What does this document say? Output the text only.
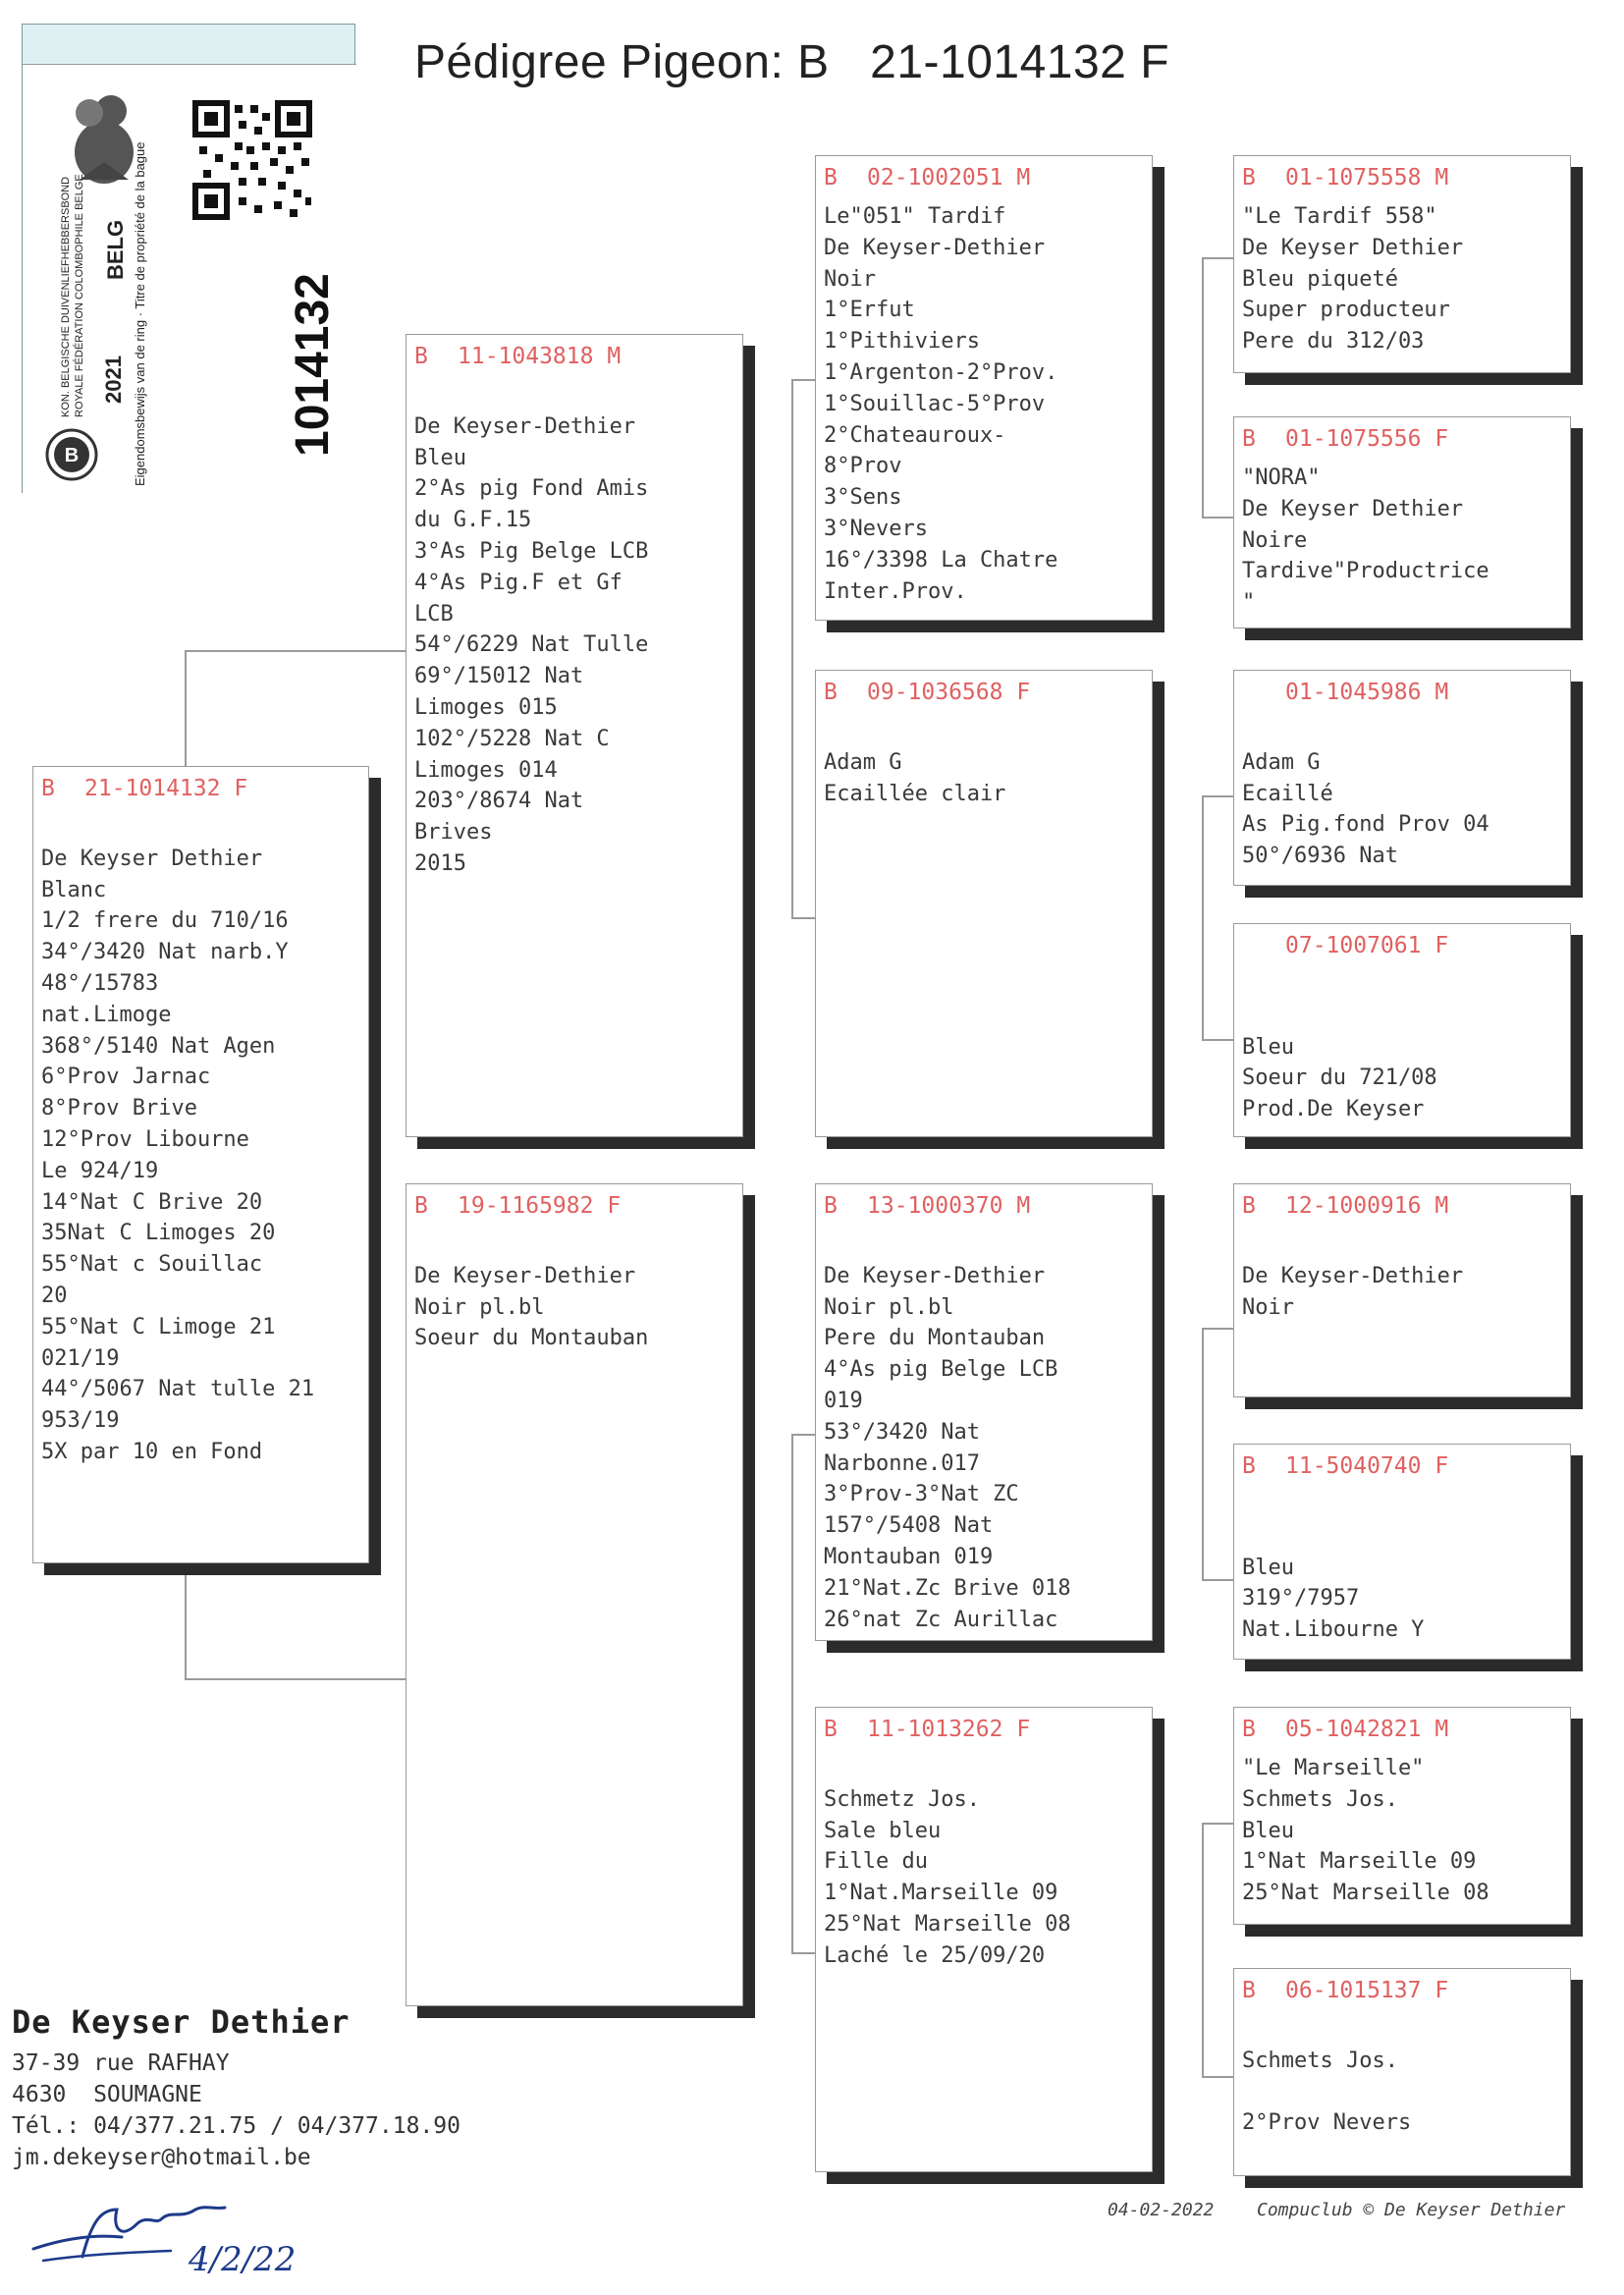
Pédigree Pigeon: B   21-1014132 F
B
KON. BELGISCHE DUIVENLIEFHEBBERSBOND ROYALE FÉDÉRATION COLOMBOPHILE BELGE 2021
BELG Eigendomsbewijs van de ring · Titre de propriété de la bague	1014132
B 21-1014132 F

De Keyser Dethier
Blanc
1/2 frere du 710/16
34°/3420 Nat narb.Y
48°/15783
nat.Limoge
368°/5140 Nat Agen
6°Prov Jarnac
8°Prov Brive
12°Prov Libourne
Le 924/19
14°Nat C Brive 20
35Nat C Limoges 20
55°Nat c Souillac
20
55°Nat C Limoge 21
021/19
44°/5067 Nat tulle 21
953/19
5X par 10 en Fond
B 11-1043818 M

De Keyser-Dethier
Bleu
2°As pig Fond Amis
du G.F.15
3°As Pig Belge LCB
4°As Pig.F et Gf
LCB
54°/6229 Nat Tulle
69°/15012 Nat
Limoges 015
102°/5228 Nat C
Limoges 014
203°/8674 Nat
Brives
2015
B 19-1165982 F

De Keyser-Dethier
Noir pl.bl
Soeur du Montauban
B 02-1002051 M
Le"051" Tardif
De Keyser-Dethier
Noir
1°Erfut
1°Pithiviers
1°Argenton-2°Prov.
1°Souillac-5°Prov
2°Chateauroux-
8°Prov
3°Sens
3°Nevers
16°/3398 La Chatre
Inter.Prov.
B 09-1036568 F

Adam G
Ecaillée clair
B 13-1000370 M

De Keyser-Dethier
Noir pl.bl
Pere du Montauban
4°As pig Belge LCB
019
53°/3420 Nat
Narbonne.017
3°Prov-3°Nat ZC
157°/5408 Nat
Montauban 019
21°Nat.Zc Brive 018
26°nat Zc Aurillac
B 11-1013262 F

Schmetz Jos.
Sale bleu
Fille du
1°Nat.Marseille 09
25°Nat Marseille 08
Laché le 25/09/20
B 01-1075558 M
"Le Tardif 558"
De Keyser Dethier
Bleu piqueté
Super producteur
Pere du 312/03
B 01-1075556 F
"NORA"
De Keyser Dethier
Noire
Tardive"Productrice
"
01-1045986 M

Adam G
Ecaillé
As Pig.fond Prov 04
50°/6936 Nat
07-1007061 F

Bleu
Soeur du 721/08
Prod.De Keyser
B 12-1000916 M

De Keyser-Dethier
Noir
B 11-5040740 F

Bleu
319°/7957
Nat.Libourne Y
B 05-1042821 M
"Le Marseille"
Schmets Jos.
Bleu
1°Nat Marseille 09
25°Nat Marseille 08
B 06-1015137 F

Schmets Jos.

2°Prov Nevers
De Keyser Dethier
37-39 rue RAFHAY
4630  SOUMAGNE
Tél.: 04/377.21.75 / 04/377.18.90
jm.dekeyser@hotmail.be
4/2/22
04-02-2022 Compuclub © De Keyser Dethier
